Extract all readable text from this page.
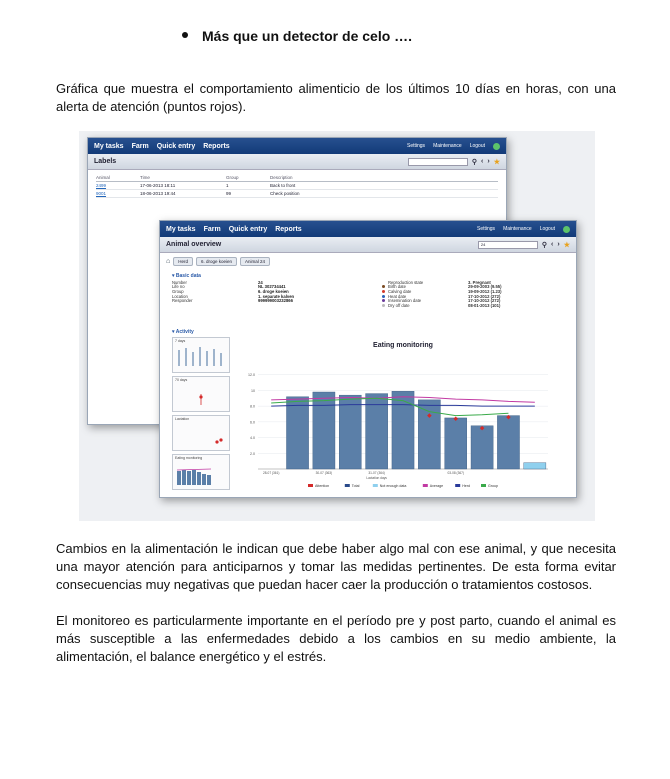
Más que un detector de celo ….
Gráfica que muestra el comportamiento alimenticio de los últimos 10 días en horas, con una alerta de atención (puntos rojos).
My tasks Farm Quick entry Reports	Settings Maintenance Logout
Labels	⚲ ‹ › ★
Animal	Time	Group	Description
2499	17-06-2013 18:11	1	Back to front
9001	18-06-2013 19:44	99	Check position
My tasks Farm Quick entry Reports	Settings Maintenance Logout
Animal overview	24	⚲ ‹ › ★
⌂	Herd	6. droge koeien	Animal 24
▾ Basic data
Number	24
Life no	NL 302734441
Group	6. droge koeien
Location	1. separate kalven
Responder	999999003232866
Reproduction state	3. Pregnant
Birth date	29-09-2003 (9.55)
Calving date	19-09-2012 (1.23)
Heat date	17-10-2012 (272)
Insemination date	17-10-2012 (272)
Dry off date	08-01-2013 (101)
▾ Activity
7 days
70 days
Lactation
Eating monitoring
Eating monitoring
12.0
10
8.0
6.0
4.0
2.0
28-07 (361)	30-07 (363)	31-07 (364)	03-08 (367)
Lactation days
Attention	Total	Not enough data	Average	Herd	Group
Cambios en la alimentación le indican que debe haber algo mal con ese animal, y que necesita una mayor atención para anticiparnos y tomar las medidas pertinentes. De esta forma evitar consecuencias muy negativas que puedan hacer caer la producción o tratamientos costosos.
El monitoreo es particularmente importante en el período pre y post parto, cuando el animal es más susceptible a las enfermedades debido a los cambios en su medio ambiente, la alimentación, el balance energético y el estrés.
